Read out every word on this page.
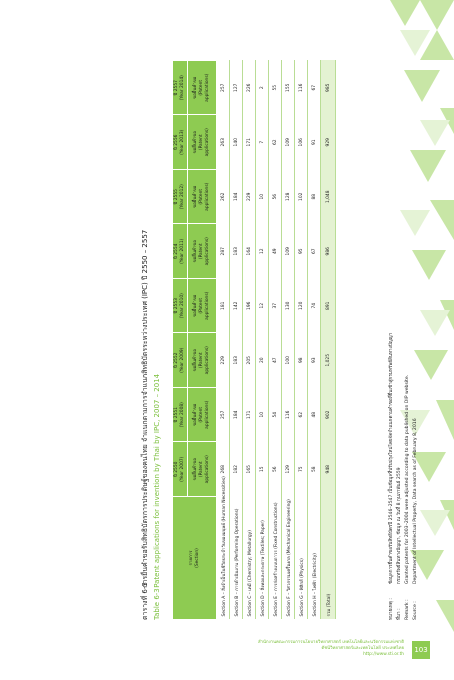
ตารางที่ 6-3 การยื่นคำขอรับสิทธิบัตรการประดิษฐ์ของคนไทย จำแนกตามการจำแนกสิทธิบัตรระหว่างประเทศ (IPC) ปี 2550 – 2557
Table 6-3 Patent applications for invention by Thai by IPC, 2007 – 2014	รายการ (Section)	ปี 2550 (Year 2007)	ปี 2551 (Year 2008)	ปี 2552 (Year 2009)	ปี 2553 (Year 2010)	ปี 2554 (Year 2011)	ปี 2555 (Year 2012)	ปี 2556 (Year 2013)	ปี 2557 (Year 2014)

	ขอยื่นคำขอ (Patent applications)	ขอยื่นคำขอ (Patent applications)	ขอยื่นคำขอ (Patent applications)	ขอยื่นคำขอ (Patent applications)	ขอยื่นคำขอ (Patent applications)	ขอยื่นคำขอ (Patent applications)	ขอยื่นคำขอ (Patent applications)	ขอยื่นคำขอ (Patent applications)

Section A – สิ่งจำเป็นในชีวิตประจำวันของมนุษย์ (Human Necessities)	268	257	229	181	287	262	263	257
Section B – การดำเนินงาน (Performing Operations)	182	184	183	142	183	184	140	127
Section C – เคมี (Chemistry; Metallurgy)	165	171	205	196	164	229	171	226
Section D – สิ่งทอและกระดาษ (Textiles; Paper)	15	10	20	12	12	10	7	2
Section E – การก่อสร้างแบบถาวร (Fixed Constructions)	56	54	47	37	49	56	62	55
Section F – วิศวกรรมเครื่องกล (Mechanical Engineering)	129	116	100	130	109	128	109	155
Section G – ฟิสิกส์ (Physics)	75	62	98	120	95	102	106	116
Section H – ไฟฟ้า (Electricity)	58	48	93	74	67	88	91	67
รวม (Total)	948	902	1,025	891	986	1,048	929	985
หมายเหตุ :
ข้อมูลการยื่นคำขอรับสิทธิบัตรปี 2546–2547 เป็นข้อมูลที่ปรับปรุงใหม่โดยจัดจำแนกตามคำขอที่ยื่นเข้าสู่กรมทรัพย์สินทางปัญญา
ที่มา :
กรมทรัพย์สินทางปัญญา, ข้อมูล ณ วันที่ 8 กุมภาพันธ์ 2559
Remark :
Granted patents for 2003–2004 were adjusted according to data published on DIP website.
Source :
Department of Intellectual Property, Data search as of February 8, 2016
สำนักงานคณะกรรมการนโยบายวิทยาศาสตร์ เทคโนโลยีและนวัตกรรมแห่งชาติ
ดัชนีวิทยาศาสตร์และเทคโนโลยี ประเทศไทย
http://www.sti.or.th
103
